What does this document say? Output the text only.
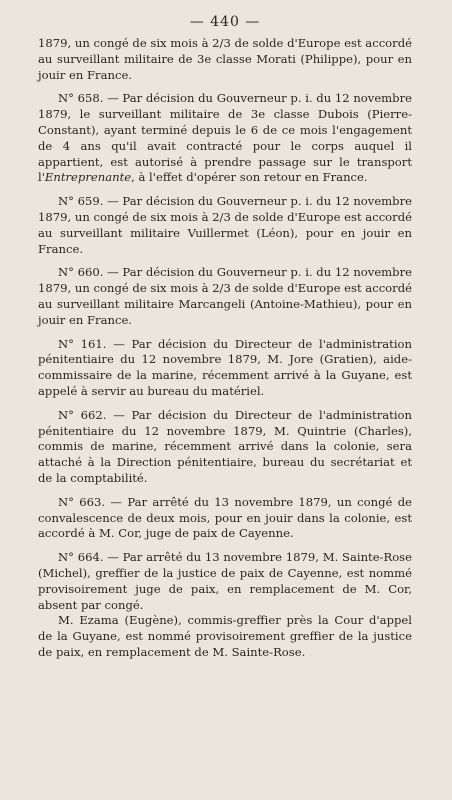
— 440 —

1879, un congé de six mois à 2/3 de solde d'Europe est accordé au surveillant militaire de 3e classe Morati (Philippe), pour en jouir en France.

N° 658. — Par décision du Gouverneur p. i. du 12 novembre 1879, le surveillant militaire de 3e classe Dubois (Pierre-Constant), ayant terminé depuis le 6 de ce mois l'engagement de 4 ans qu'il avait contracté pour le corps auquel il appartient, est autorisé à prendre passage sur le transport l'Entreprenante, à l'effet d'opérer son retour en France.

N° 659. — Par décision du Gouverneur p. i. du 12 novembre 1879, un congé de six mois à 2/3 de solde d'Europe est accordé au surveillant militaire Vuillermet (Léon), pour en jouir en France.

N° 660. — Par décision du Gouverneur p. i. du 12 novembre 1879, un congé de six mois à 2/3 de solde d'Europe est accordé au surveillant militaire Marcangeli (Antoine-Mathieu), pour en jouir en France.

N° 161. — Par décision du Directeur de l'administration pénitentiaire du 12 novembre 1879, M. Jore (Gratien), aide-commissaire de la marine, récemment arrivé à la Guyane, est appelé à servir au bureau du matériel.

N° 662. — Par décision du Directeur de l'administration pénitentiaire du 12 novembre 1879, M. Quintrie (Charles), commis de marine, récemment arrivé dans la colonie, sera attaché à la Direction pénitentiaire, bureau du secrétariat et de la comptabilité.

N° 663. — Par arrêté du 13 novembre 1879, un congé de convalescence de deux mois, pour en jouir dans la colonie, est accordé à M. Cor, juge de paix de Cayenne.

N° 664. — Par arrêté du 13 novembre 1879, M. Sainte-Rose (Michel), greffier de la justice de paix de Cayenne, est nommé provisoirement juge de paix, en remplacement de M. Cor, absent par congé.

M. Ezama (Eugène), commis-greffier près la Cour d'appel de la Guyane, est nommé provisoirement greffier de la justice de paix, en remplacement de M. Sainte-Rose.
